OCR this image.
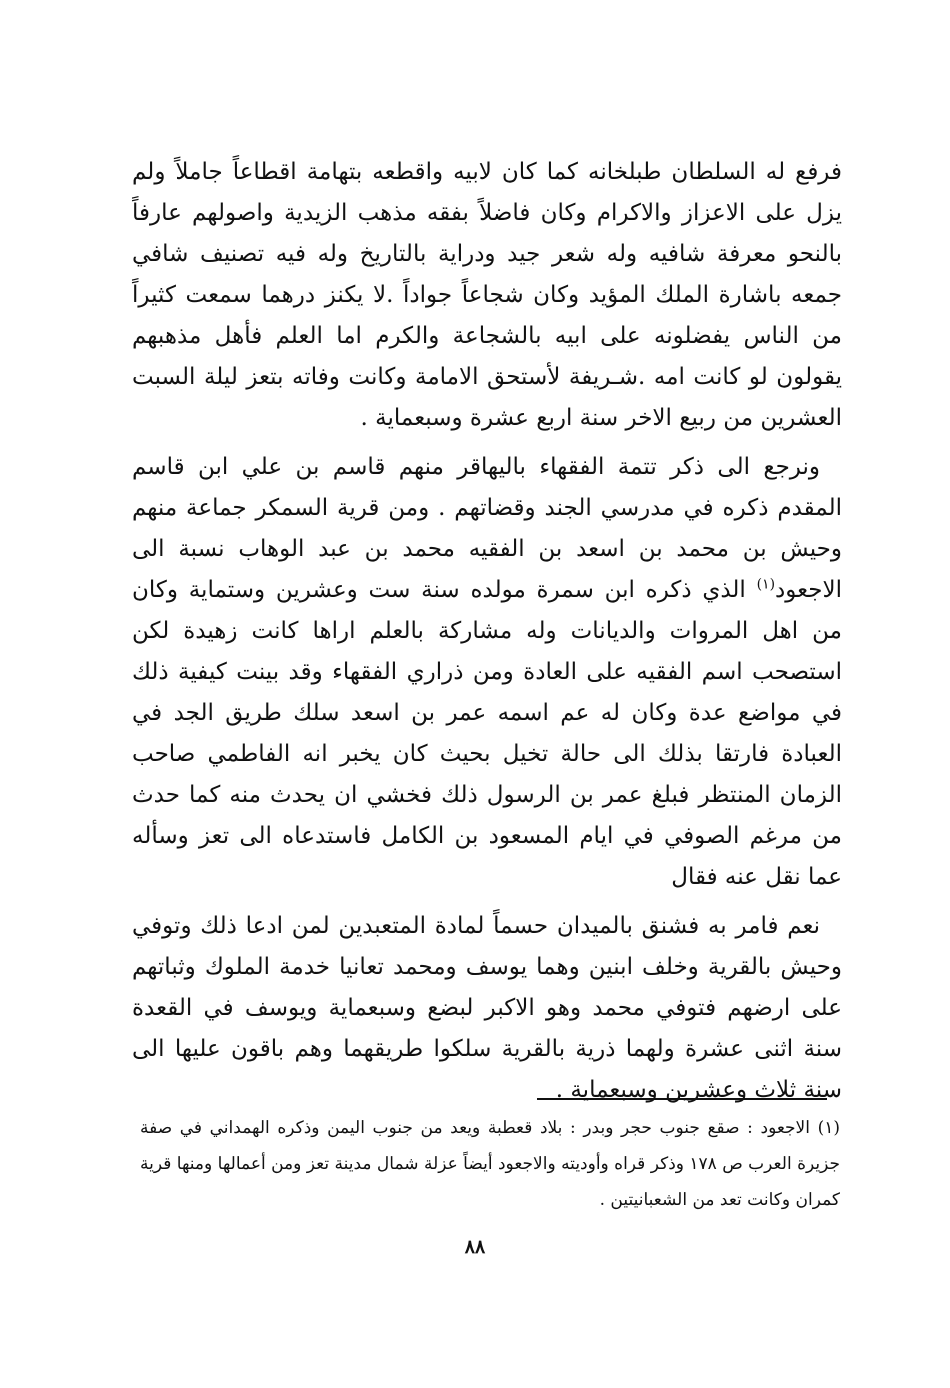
فرفع له السلطان طبلخانه كما كان لابيه واقطعه بتهامة اقطاعاً جاملاً ولم يزل على الاعزاز والاكرام وكان فاضلاً بفقه مذهب الزيدية واصولهم عارفاً بالنحو معرفة شافيه وله شعر جيد ودراية بالتاريخ وله فيه تصنيف شافي جمعه باشارة الملك المؤيد وكان شجاعاً جواداً .لا يكنز درهما سمعت كثيراً من الناس يفضلونه على ابيه بالشجاعة والكرم اما العلم فأهل مذهبهم يقولون لو كانت امه .شـريفة لأستحق الامامة وكانت وفاته بتعز ليلة السبت العشرين من ربيع الاخر سنة اربع عشرة وسبعماية .

ونرجع الى ذكر تتمة الفقهاء باليهاقر منهم قاسم بن علي ابن قاسم المقدم ذكره في مدرسي الجند وقضاتهم . ومن قرية السمكر جماعة منهم وحيش بن محمد بن اسعد بن الفقيه محمد بن عبد الوهاب نسبة الى الاجعود$^{(١)}$ الذي ذكره ابن سمرة مولده سنة ست وعشرين وستماية وكان من اهل المروات والديانات وله مشاركة بالعلم اراها كانت زهيدة لكن استصحب اسم الفقيه على العادة ومن ذراري الفقهاء وقد بينت كيفية ذلك في مواضع عدة وكان له عم اسمه عمر بن اسعد سلك طريق الجد في العبادة فارتقا بذلك الى حالة تخيل بحيث كان يخبر انه الفاطمي صاحب الزمان المنتظر فبلغ عمر بن الرسول ذلك فخشي ان يحدث منه كما حدث من مرغم الصوفي في ايام المسعود بن الكامل فاستدعاه الى تعز وسأله عما نقل عنه فقال

نعم فامر به فشنق بالميدان حسماً لمادة المتعبدين لمن ادعا ذلك وتوفي وحيش بالقرية وخلف ابنين وهما يوسف ومحمد تعانيا خدمة الملوك وثباتهم على ارضهم فتوفي محمد وهو الاكبر لبضع وسبعماية ويوسف في القعدة سنة اثنى عشرة ولهما ذرية بالقرية سلكوا طريقهما وهم باقون عليها الى سنة ثلاث وعشرين وسبعماية .

(١) الاجعود : صقع جنوب حجر وبدر : بلاد قعطبة ويعد من جنوب اليمن وذكره الهمداني في صفة جزيرة العرب ص ١٧٨ وذكر قراه وأوديته والاجعود أيضاً عزلة شمال مدينة تعز ومن أعمالها ومنها قرية كمران وكانت تعد من الشعبانيتين .
٨٨
